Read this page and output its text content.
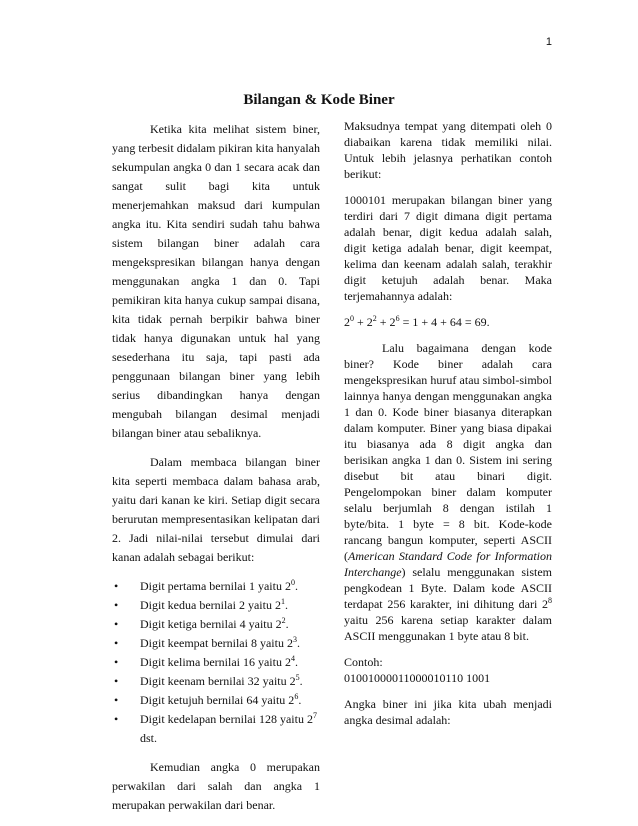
1
Bilangan & Kode Biner

Ketika kita melihat sistem biner, yang terbesit didalam pikiran kita hanyalah sekumpulan angka 0 dan 1 secara acak dan sangat sulit bagi kita untuk menerjemahkan maksud dari kumpulan angka itu. Kita sendiri sudah tahu bahwa sistem bilangan biner adalah cara mengekspresikan bilangan hanya dengan menggunakan angka 1 dan 0. Tapi pemikiran kita hanya cukup sampai disana, kita tidak pernah berpikir bahwa biner tidak hanya digunakan untuk hal yang sesederhana itu saja, tapi pasti ada penggunaan bilangan biner yang lebih serius dibandingkan hanya dengan mengubah bilangan desimal menjadi bilangan biner atau sebaliknya.

Dalam membaca bilangan biner kita seperti membaca dalam bahasa arab, yaitu dari kanan ke kiri. Setiap digit secara berurutan mempresentasikan kelipatan dari 2. Jadi nilai-nilai tersebut dimulai dari kanan adalah sebagai berikut:

• Digit pertama bernilai 1 yaitu $2^0$.
• Digit kedua bernilai 2 yaitu $2^1$.
• Digit ketiga bernilai 4 yaitu $2^2$.
• Digit keempat bernilai 8 yaitu $2^3$.
• Digit kelima bernilai 16 yaitu $2^4$.
• Digit keenam bernilai 32 yaitu $2^5$.
• Digit ketujuh bernilai 64 yaitu $2^6$.
• Digit kedelapan bernilai 128 yaitu $2^7$ dst.

Kemudian angka 0 merupakan perwakilan dari salah dan angka 1 merupakan perwakilan dari benar.

Maksudnya tempat yang ditempati oleh 0 diabaikan karena tidak memiliki nilai. Untuk lebih jelasnya perhatikan contoh berikut:

1000101 merupakan bilangan biner yang terdiri dari 7 digit dimana digit pertama adalah benar, digit kedua adalah salah, digit ketiga adalah benar, digit keempat, kelima dan keenam adalah salah, terakhir digit ketujuh adalah benar. Maka terjemahannya adalah:

$2^0 + 2^2 + 2^6 = 1 + 4 + 64 = 69$.

Lalu bagaimana dengan kode biner? Kode biner adalah cara mengekspresikan huruf atau simbol-simbol lainnya hanya dengan menggunakan angka 1 dan 0. Kode biner biasanya diterapkan dalam komputer. Biner yang biasa dipakai itu biasanya ada 8 digit angka dan berisikan angka 1 dan 0. Sistem ini sering disebut bit atau binari digit. Pengelompokan biner dalam komputer selalu berjumlah 8 dengan istilah 1 byte/bita. 1 byte = 8 bit. Kode-kode rancang bangun komputer, seperti ASCII (American Standard Code for Information Interchange) selalu menggunakan sistem pengkodean 1 Byte. Dalam kode ASCII terdapat 256 karakter, ini dihitung dari $2^8$ yaitu 256 karena setiap karakter dalam ASCII menggunakan 1 byte atau 8 bit.

Contoh:
01001000011000010110 1001

Angka biner ini jika kita ubah menjadi angka desimal adalah:
